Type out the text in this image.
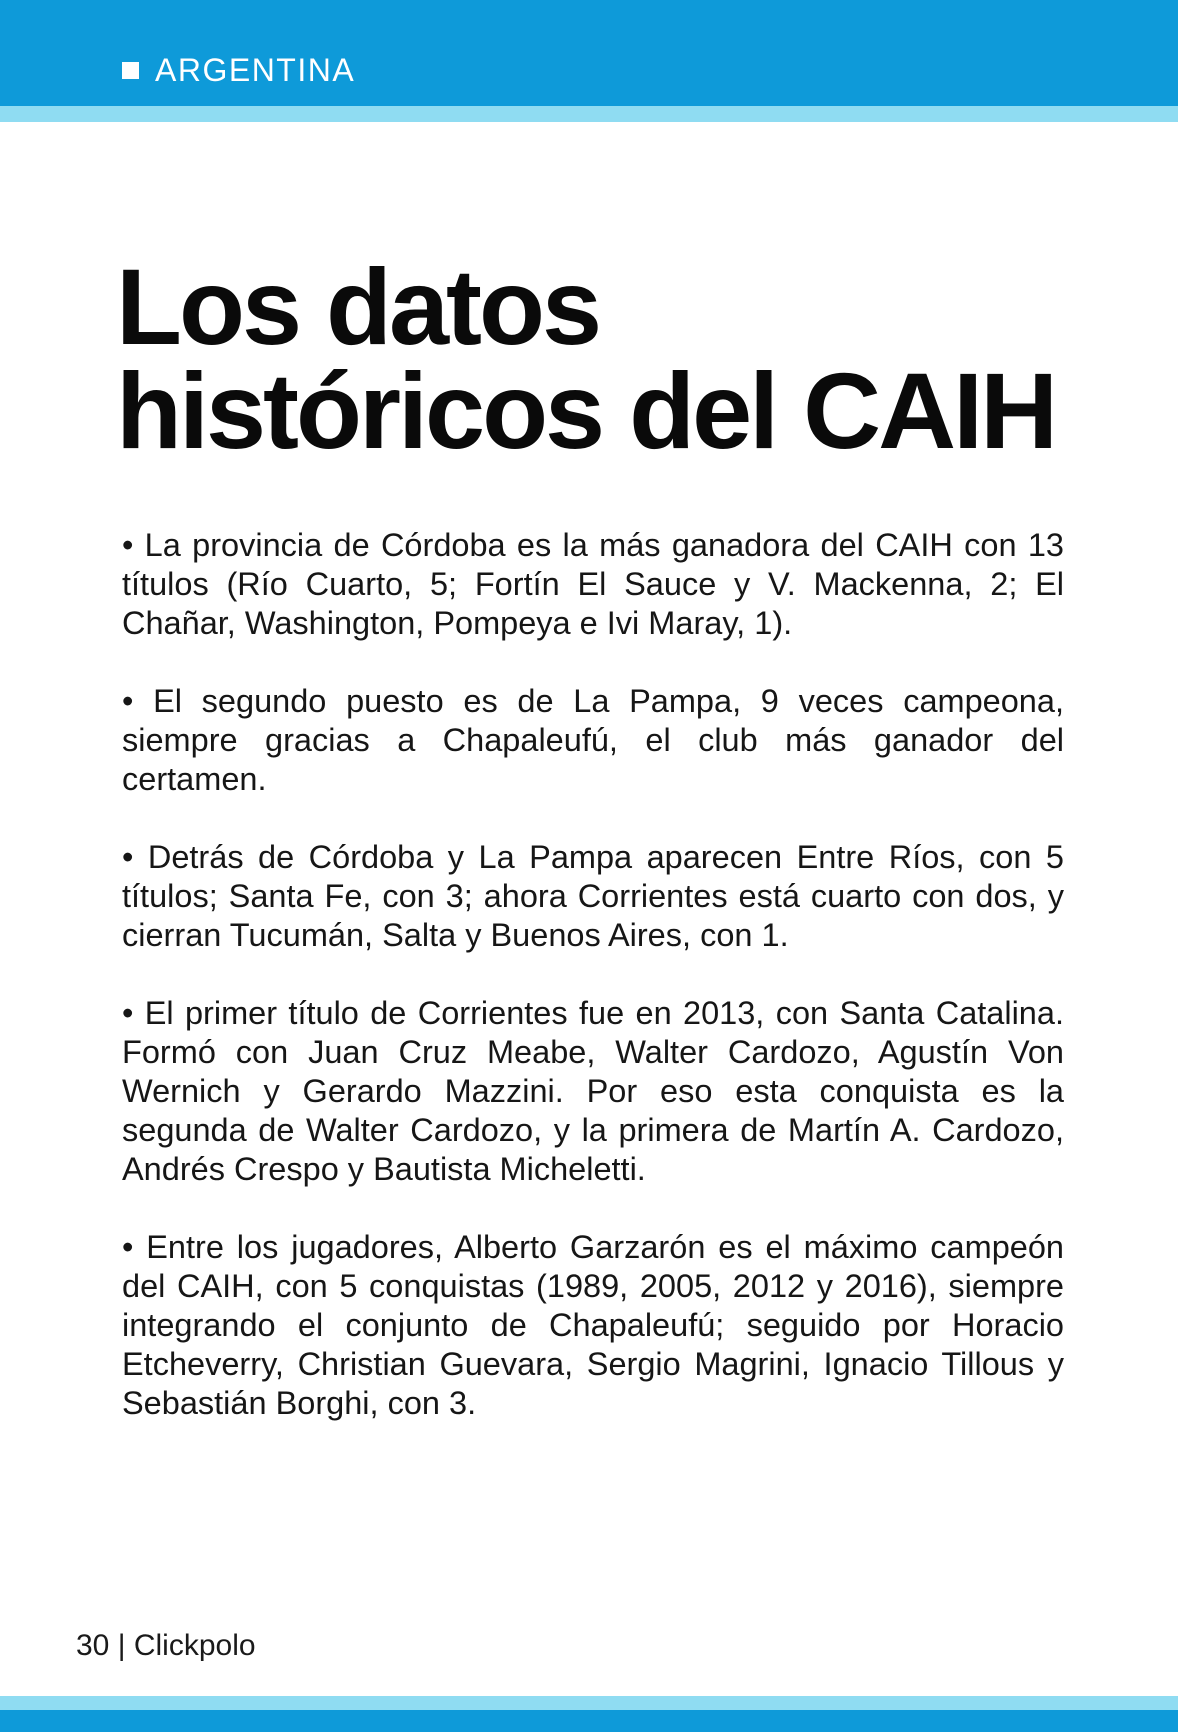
ARGENTINA
Los datos
históricos del CAIH

• La provincia de Córdoba es la más ganadora del CAIH con 13 títulos (Río Cuarto, 5; Fortín El Sauce y V. Mackenna, 2; El Chañar, Washington, Pompeya e Ivi Maray, 1).

• El segundo puesto es de La Pampa, 9 veces campeona, siempre gracias a Chapaleufú, el club más ganador del certamen.

• Detrás de Córdoba y La Pampa aparecen Entre Ríos, con 5 títulos; Santa Fe, con 3; ahora Corrientes está cuarto con dos, y cierran Tucumán, Salta y Buenos Aires, con 1.

• El primer título de Corrientes fue en 2013, con Santa Catalina. Formó con Juan Cruz Meabe, Walter Cardozo, Agustín Von Wernich y Gerardo Mazzini. Por eso esta conquista es la segunda de Walter Cardozo, y la primera de Martín A. Cardozo, Andrés Crespo y Bautista Micheletti.

• Entre los jugadores, Alberto Garzarón es el máximo campeón del CAIH, con 5 conquistas (1989, 2005, 2012 y 2016), siempre integrando el conjunto de Chapaleufú; seguido por Horacio Etcheverry, Christian Guevara, Sergio Magrini, Ignacio Tillous y Sebastián Borghi, con 3.

30 | Clickpolo
